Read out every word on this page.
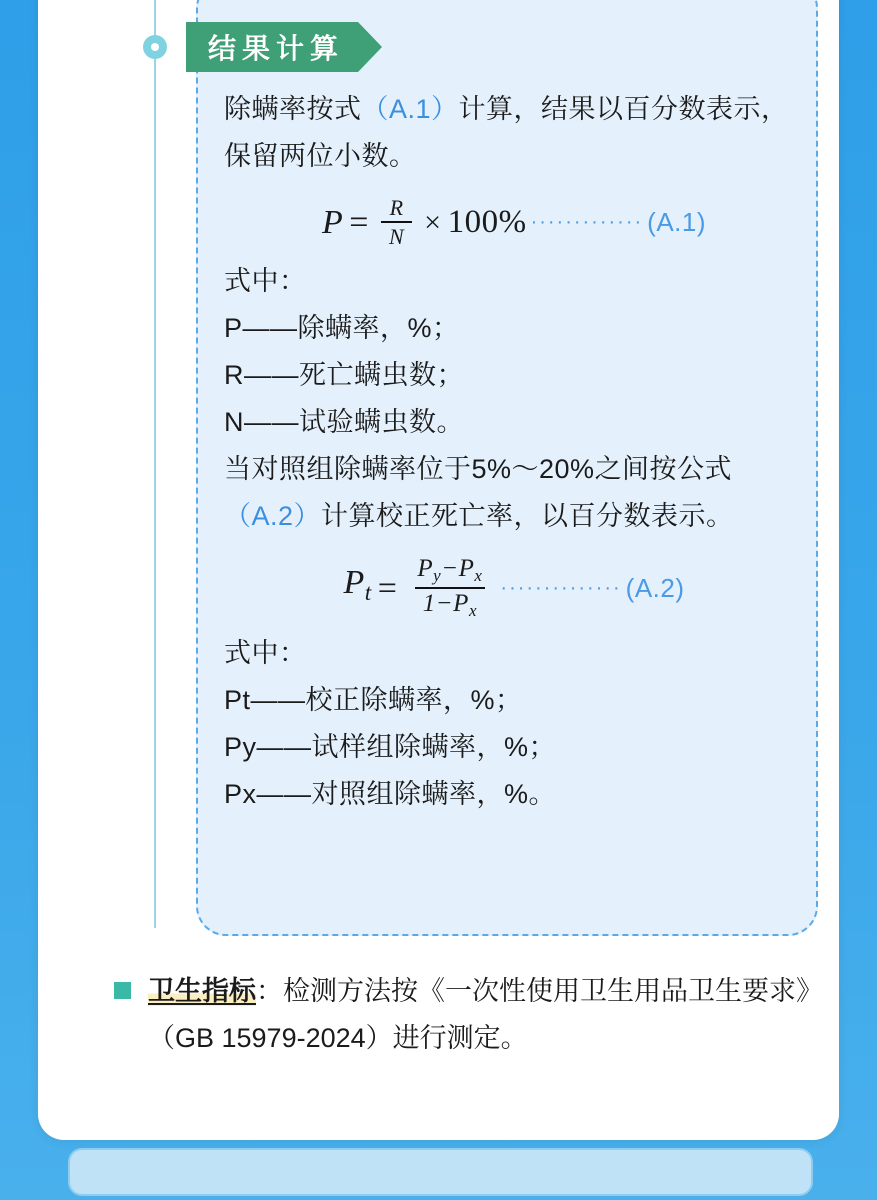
结果计算

除螨率按式（A.1）计算，结果以百分数表示，保留两位小数。

$P = \frac{R}{N} \times 100\%$ ············· (A.1)

式中：

P——除螨率，%；

R——死亡螨虫数；

N——试验螨虫数。

当对照组除螨率位于5%～20%之间按公式（A.2）计算校正死亡率，以百分数表示。

$P_t = \frac{P_y-P_x}{1-P_x}$ ·············· (A.2)

式中：

Pt——校正除螨率，%；

Py——试样组除螨率，%；

Px——对照组除螨率，%。

卫生指标：检测方法按《一次性使用卫生用品卫生要求》（GB 15979-2024）进行测定。
